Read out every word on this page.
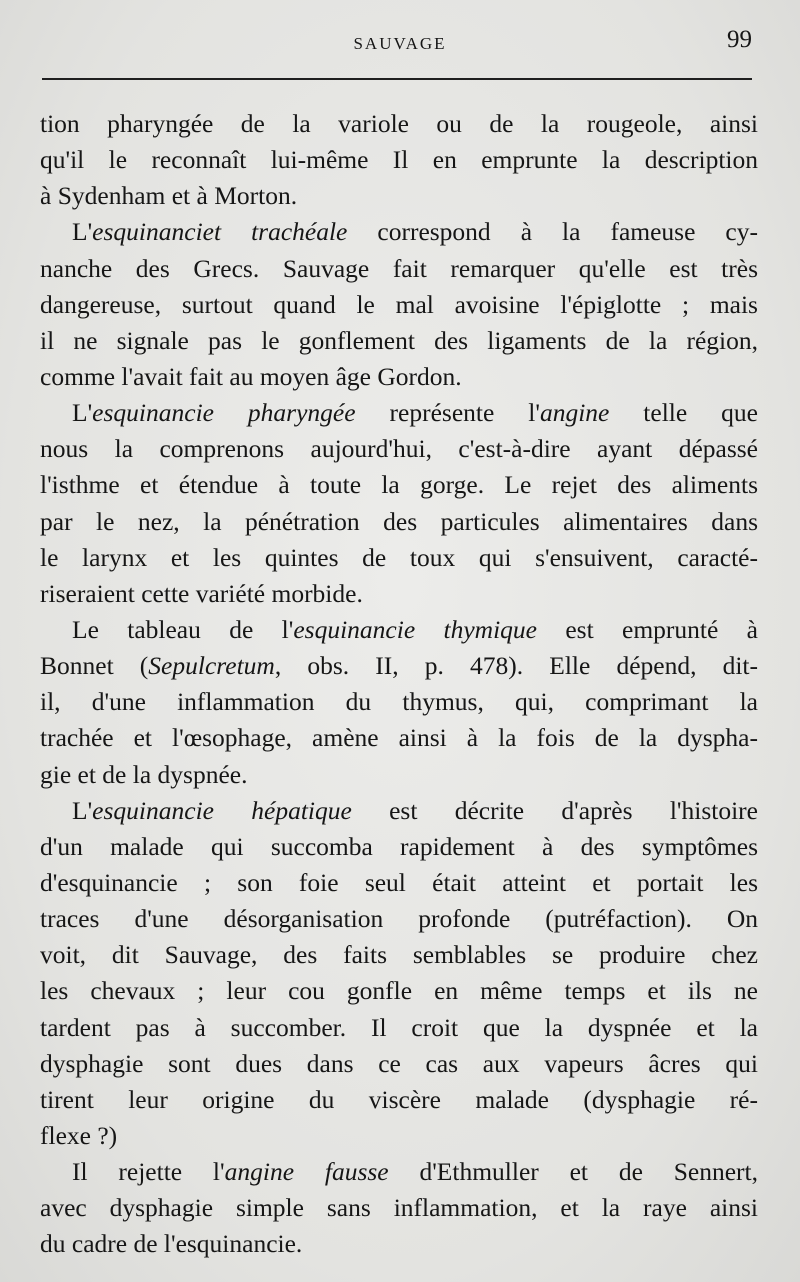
SAUVAGE	99
tion pharyngée de la variole ou de la rougeole, ainsi
qu'il le reconnaît lui-même Il en emprunte la description
à Sydenham et à Morton.
L'esquinanciet trachéale correspond à la fameuse cy-
nanche des Grecs. Sauvage fait remarquer qu'elle est très
dangereuse, surtout quand le mal avoisine l'épiglotte ; mais
il ne signale pas le gonflement des ligaments de la région,
comme l'avait fait au moyen âge Gordon.
L'esquinancie pharyngée représente l'angine telle que
nous la comprenons aujourd'hui, c'est-à-dire ayant dépassé
l'isthme et étendue à toute la gorge. Le rejet des aliments
par le nez, la pénétration des particules alimentaires dans
le larynx et les quintes de toux qui s'ensuivent, caracté-
riseraient cette variété morbide.
Le tableau de l'esquinancie thymique est emprunté à
Bonnet (Sepulcretum, obs. II, p. 478). Elle dépend, dit-
il, d'une inflammation du thymus, qui, comprimant la
trachée et l'œsophage, amène ainsi à la fois de la dyspha-
gie et de la dyspnée.
L'esquinancie hépatique est décrite d'après l'histoire
d'un malade qui succomba rapidement à des symptômes
d'esquinancie ; son foie seul était atteint et portait les
traces d'une désorganisation profonde (putréfaction). On
voit, dit Sauvage, des faits semblables se produire chez
les chevaux ; leur cou gonfle en même temps et ils ne
tardent pas à succomber. Il croit que la dyspnée et la
dysphagie sont dues dans ce cas aux vapeurs âcres qui
tirent leur origine du viscère malade (dysphagie ré-
flexe ?)
Il rejette l'angine fausse d'Ethmuller et de Sennert,
avec dysphagie simple sans inflammation, et la raye ainsi
du cadre de l'esquinancie.
